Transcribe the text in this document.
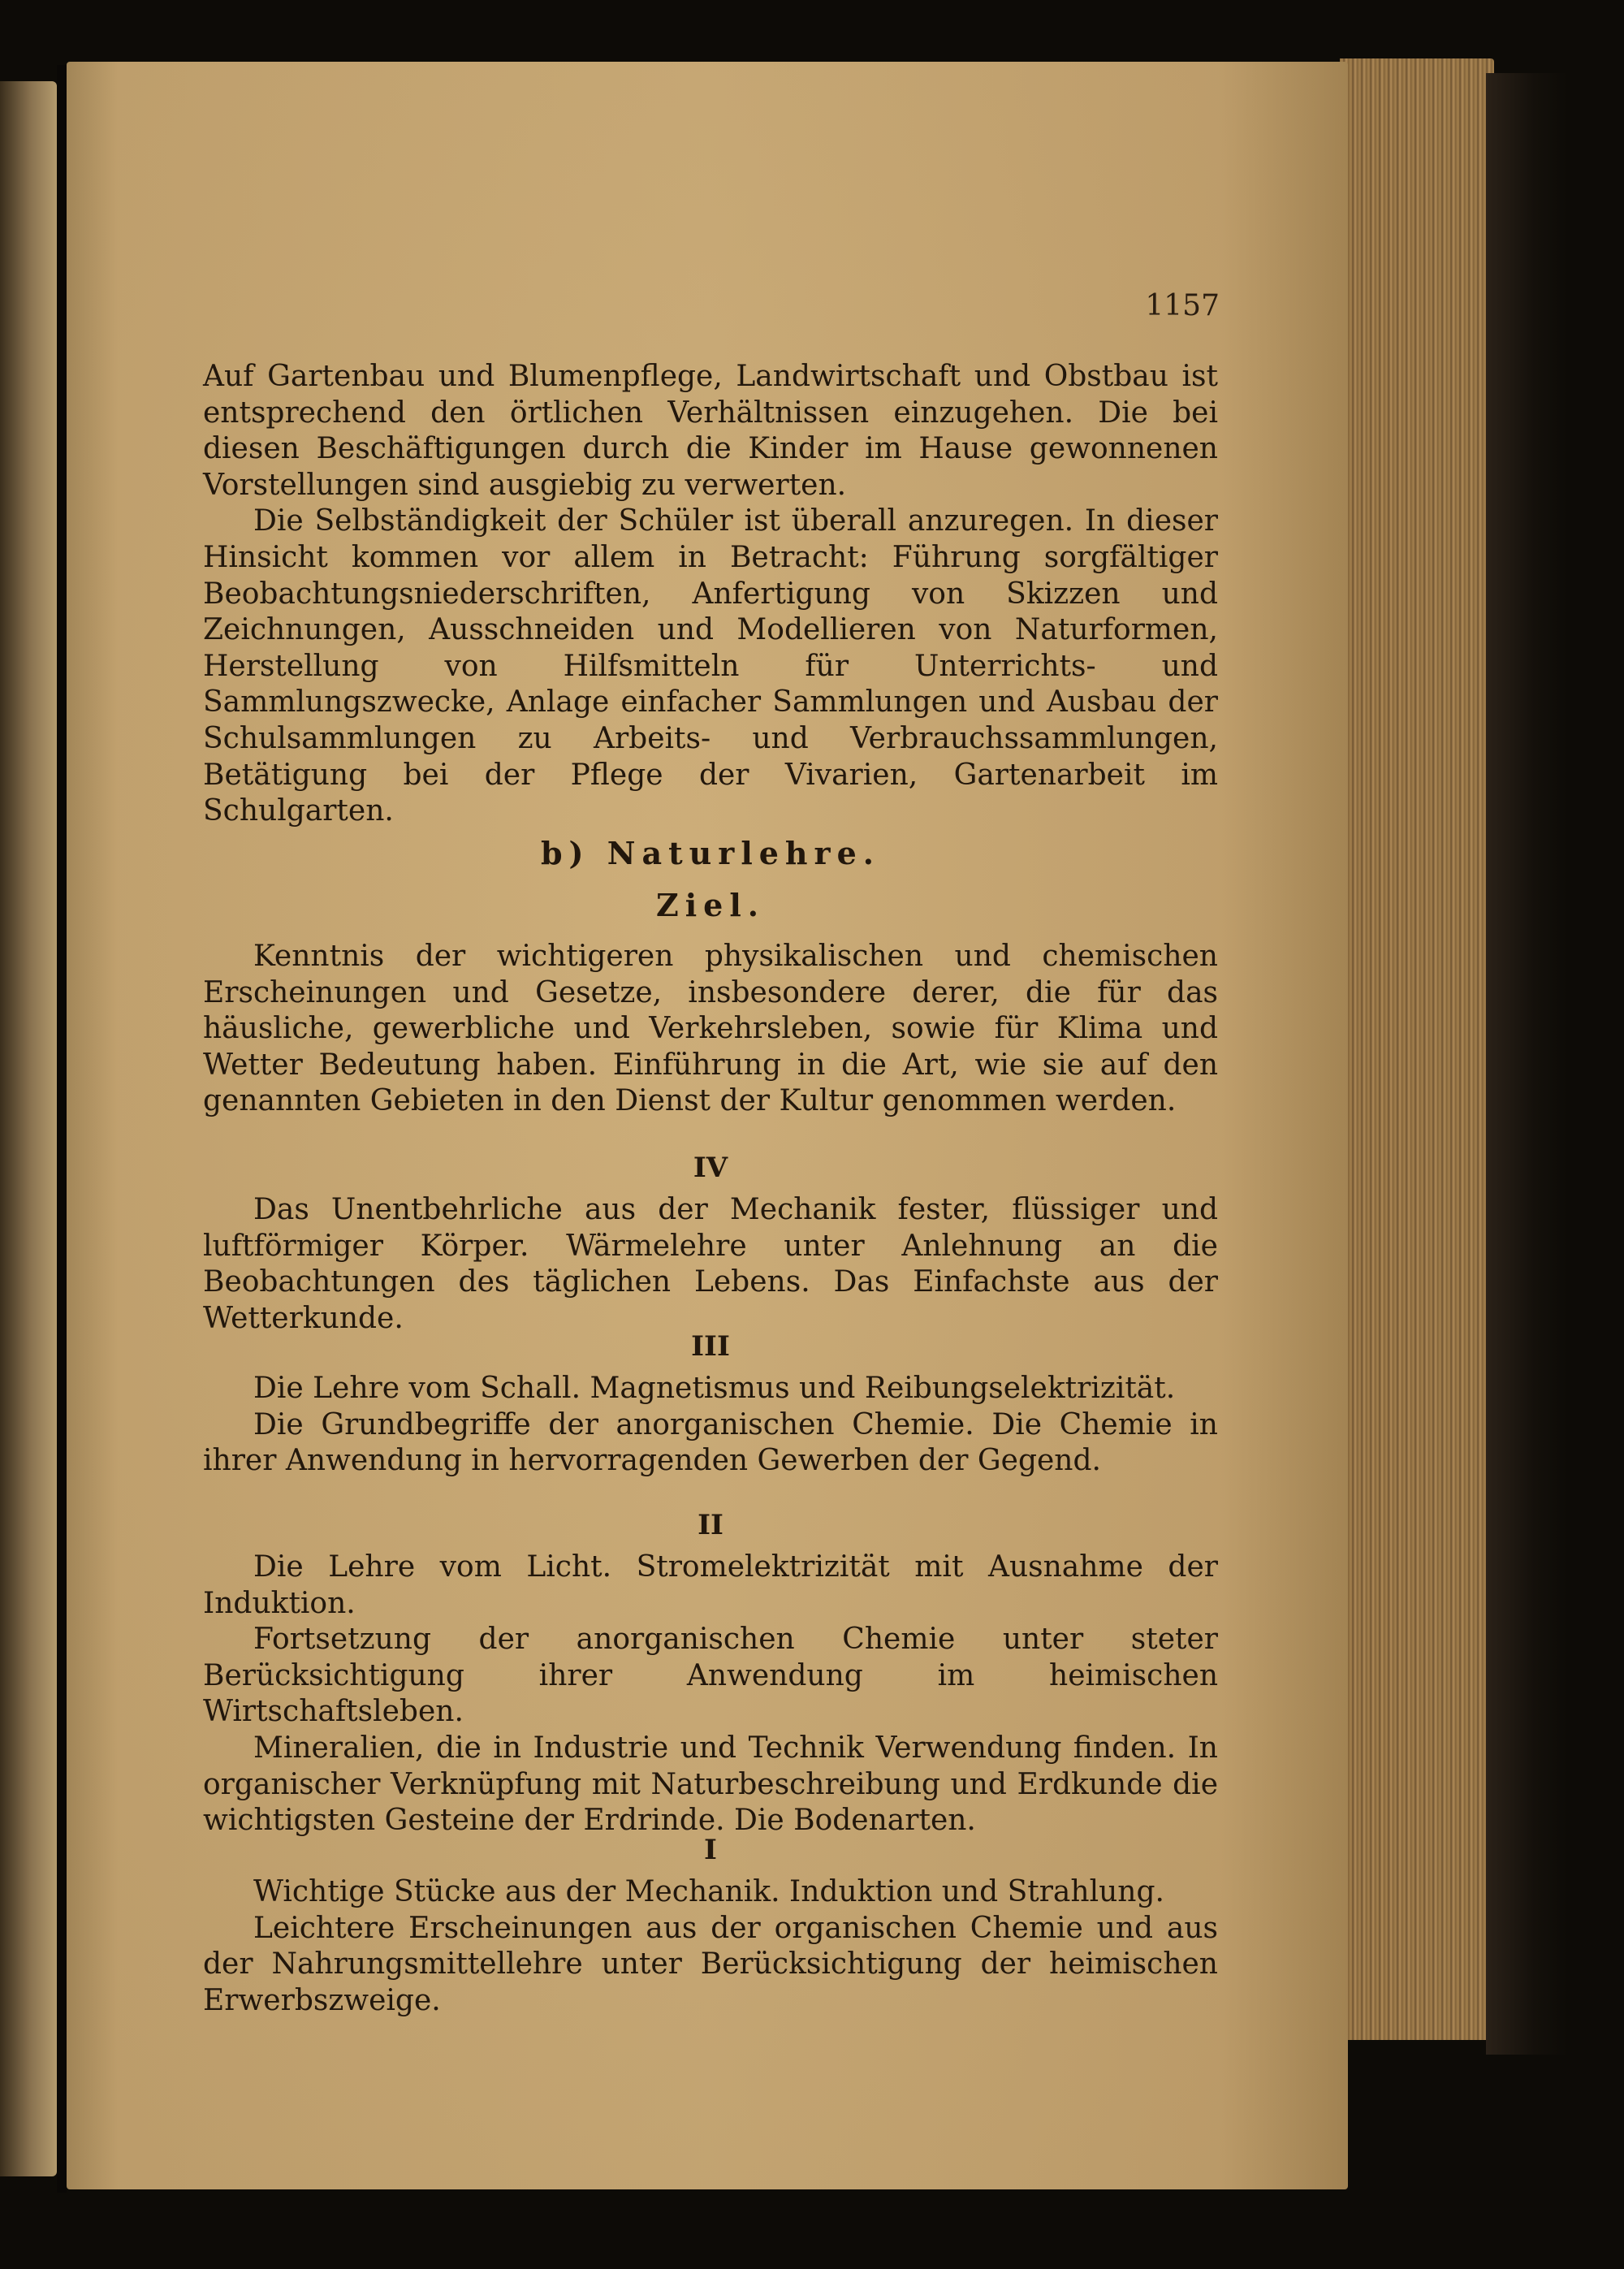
1157

Auf Gartenbau und Blumenpflege, Landwirtschaft und Obstbau ist entsprechend den örtlichen Verhältnissen einzugehen. Die bei diesen Beschäftigungen durch die Kinder im Hause gewonnenen Vorstellungen sind ausgiebig zu verwerten.

Die Selbständigkeit der Schüler ist überall anzuregen. In dieser Hinsicht kommen vor allem in Betracht: Führung sorgfältiger Beobachtungsniederschriften, Anfertigung von Skizzen und Zeichnungen, Ausschneiden und Modellieren von Naturformen, Herstellung von Hilfsmitteln für Unterrichts- und Sammlungszwecke, Anlage einfacher Sammlungen und Ausbau der Schulsammlungen zu Arbeits- und Verbrauchssammlungen, Betätigung bei der Pflege der Vivarien, Gartenarbeit im Schulgarten.

b) Naturlehre.
Ziel.

Kenntnis der wichtigeren physikalischen und chemischen Erscheinungen und Gesetze, insbesondere derer, die für das häusliche, gewerbliche und Verkehrsleben, sowie für Klima und Wetter Bedeutung haben. Einführung in die Art, wie sie auf den genannten Gebieten in den Dienst der Kultur genommen werden.

IV

Das Unentbehrliche aus der Mechanik fester, flüssiger und luftförmiger Körper. Wärmelehre unter Anlehnung an die Beobachtungen des täglichen Lebens. Das Einfachste aus der Wetterkunde.

III

Die Lehre vom Schall. Magnetismus und Reibungselektrizität.

Die Grundbegriffe der anorganischen Chemie. Die Chemie in ihrer Anwendung in hervorragenden Gewerben der Gegend.

II

Die Lehre vom Licht. Stromelektrizität mit Ausnahme der Induktion.

Fortsetzung der anorganischen Chemie unter steter Berücksichtigung ihrer Anwendung im heimischen Wirtschaftsleben.

Mineralien, die in Industrie und Technik Verwendung finden. In organischer Verknüpfung mit Naturbeschreibung und Erdkunde die wichtigsten Gesteine der Erdrinde. Die Bodenarten.

I

Wichtige Stücke aus der Mechanik. Induktion und Strahlung.

Leichtere Erscheinungen aus der organischen Chemie und aus der Nahrungsmittellehre unter Berücksichtigung der heimischen Erwerbszweige.
